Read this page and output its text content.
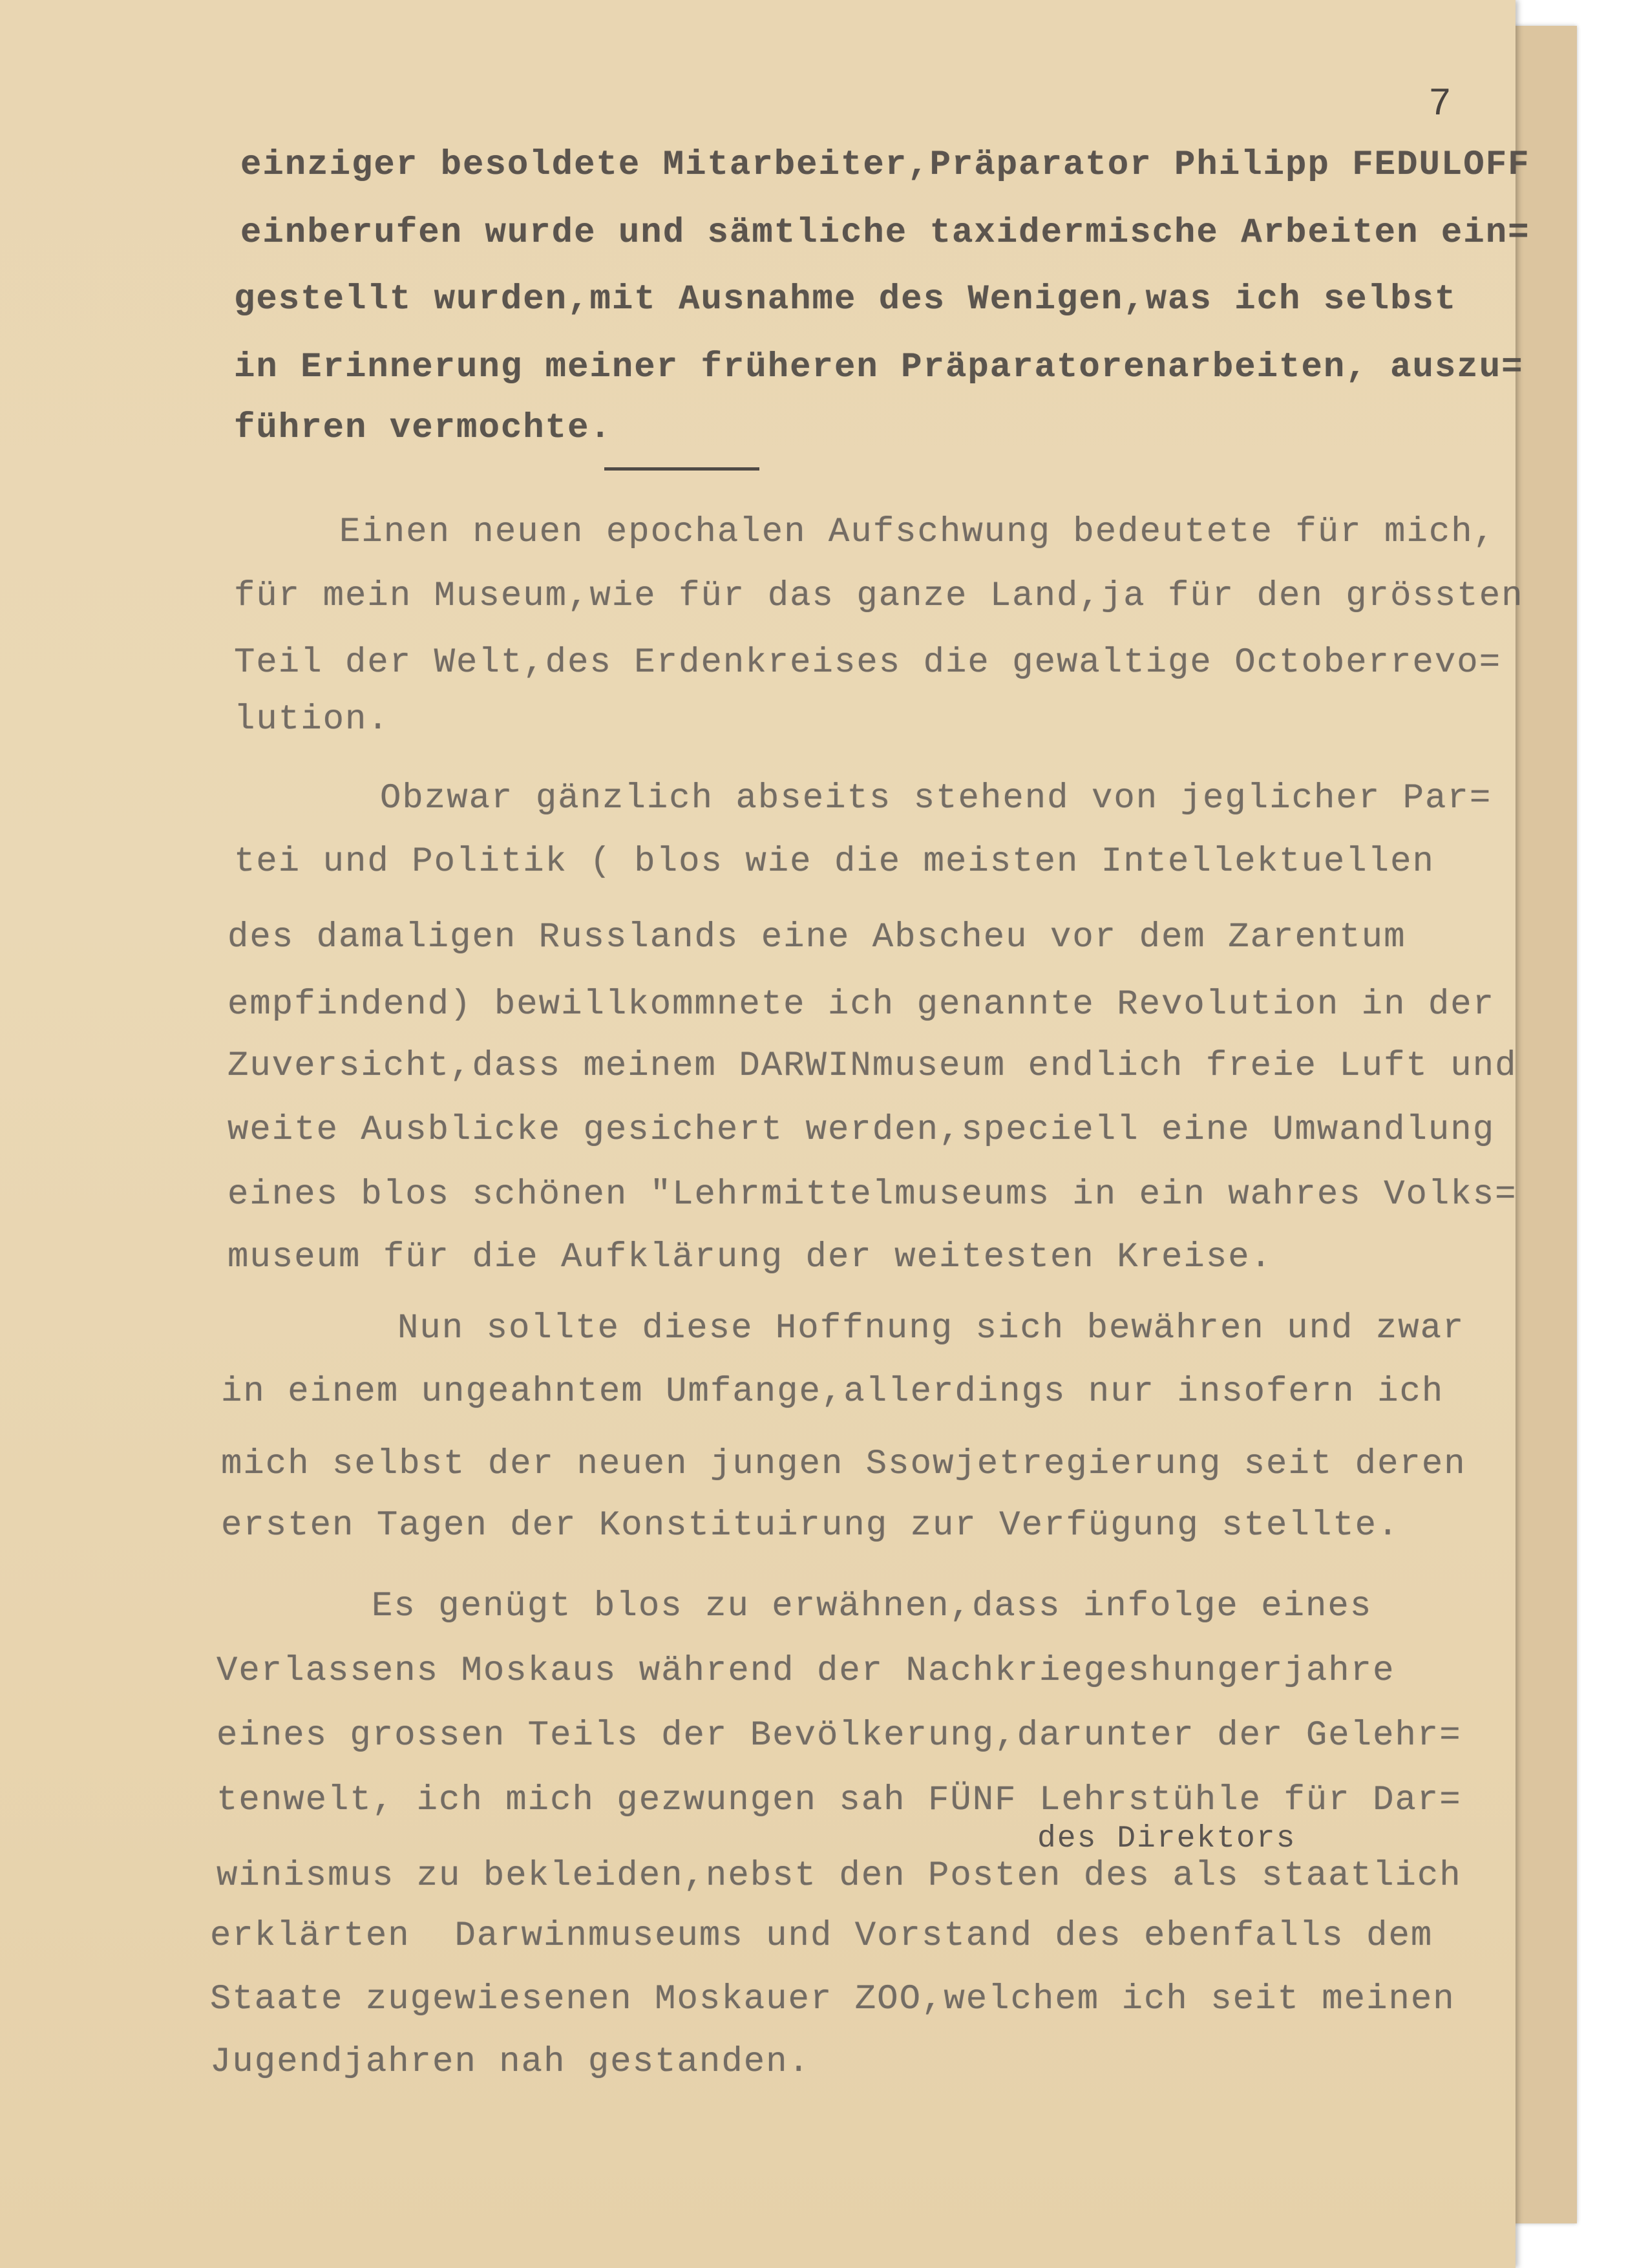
7
einziger besoldete Mitarbeiter,Präparator Philipp FEDULOFF
einberufen wurde und sämtliche taxidermische Arbeiten ein=
gestellt wurden,mit Ausnahme des Wenigen,was ich selbst
in Erinnerung meiner früheren Präparatorenarbeiten, auszu=
führen vermochte.
Einen neuen epochalen Aufschwung bedeutete für mich,
für mein Museum,wie für das ganze Land,ja für den grössten
Teil der Welt,des Erdenkreises die gewaltige Octoberrevo=
lution.
Obzwar gänzlich abseits stehend von jeglicher Par=
tei und Politik ( blos wie die meisten Intellektuellen
des damaligen Russlands eine Abscheu vor dem Zarentum
empfindend) bewillkommnete ich genannte Revolution in der
Zuversicht,dass meinem DARWINmuseum endlich freie Luft und
weite Ausblicke gesichert werden,speciell eine Umwandlung
eines blos schönen "Lehrmittelmuseums in ein wahres Volks=
museum für die Aufklärung der weitesten Kreise.
Nun sollte diese Hoffnung sich bewähren und zwar
in einem ungeahntem Umfange,allerdings nur insofern ich
mich selbst der neuen jungen Ssowjetregierung seit deren
ersten Tagen der Konstituirung zur Verfügung stellte.
Es genügt blos zu erwähnen,dass infolge eines
Verlassens Moskaus während der Nachkriegeshungerjahre
eines grossen Teils der Bevölkerung,darunter der Gelehr=
tenwelt, ich mich gezwungen sah FÜNF Lehrstühle für Dar=
des Direktors
winismus zu bekleiden,nebst den Posten des als staatlich
erklärten  Darwinmuseums und Vorstand des ebenfalls dem
Staate zugewiesenen Moskauer ZOO,welchem ich seit meinen
Jugendjahren nah gestanden.
